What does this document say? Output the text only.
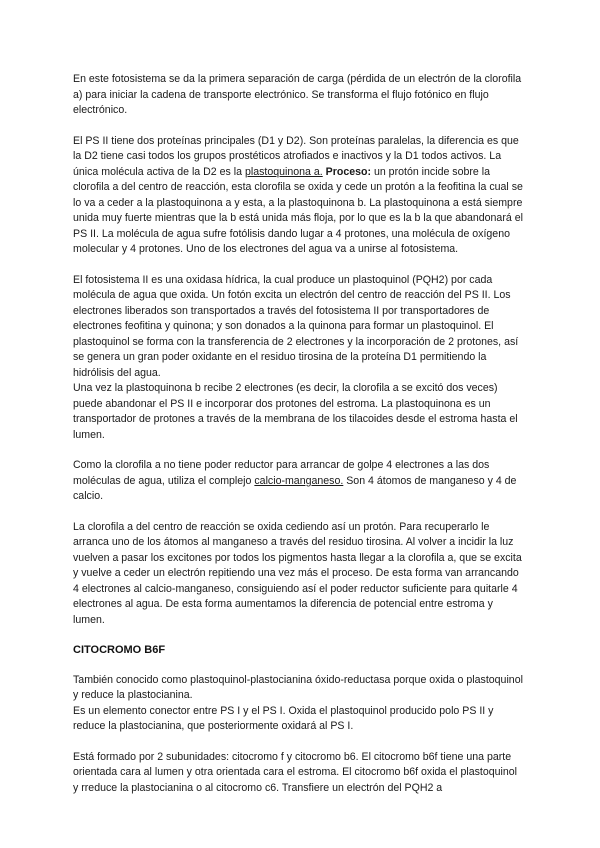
En este fotosistema se da la primera separación de carga (pérdida de un electrón de la clorofila a) para iniciar la cadena de transporte electrónico. Se transforma el flujo fotónico en flujo electrónico.

El PS II tiene dos proteínas principales (D1 y D2). Son proteínas paralelas, la diferencia es que la D2 tiene casi todos los grupos prostéticos atrofiados e inactivos y la D1 todos activos. La única molécula activa de la D2 es la plastoquinona a. Proceso: un protón incide sobre la clorofila a del centro de reacción, esta clorofila se oxida y cede un protón a la feofitina la cual se lo va a ceder a la plastoquinona a y esta, a la plastoquinona b. La plastoquinona a está siempre unida muy fuerte mientras que la b está unida más floja, por lo que es la b la que abandonará el PS II. La molécula de agua sufre fotólisis dando lugar a 4 protones, una molécula de oxígeno molecular y 4 protones. Uno de los electrones del agua va a unirse al fotosistema.

El fotosistema II es una oxidasa hídrica, la cual produce un plastoquinol (PQH2) por cada molécula de agua que oxida. Un fotón excita un electrón del centro de reacción del PS II. Los electrones liberados son transportados a través del fotosistema II por transportadores de electrones feofitina y quinona; y son donados a la quinona para formar un plastoquinol. El plastoquinol se forma con la transferencia de 2 electrones y la incorporación de 2 protones, así se genera un gran poder oxidante en el residuo tirosina de la proteína D1 permitiendo la hidrólisis del agua.
Una vez la plastoquinona b recibe 2 electrones (es decir, la clorofila a se excitó dos veces) puede abandonar el PS II e incorporar dos protones del estroma. La plastoquinona es un transportador de protones a través de la membrana de los tilacoides desde el estroma hasta el lumen.

Como la clorofila a no tiene poder reductor para arrancar de golpe 4 electrones a las dos moléculas de agua, utiliza el complejo calcio-manganeso. Son 4 átomos de manganeso y 4 de calcio.

La clorofila a del centro de reacción se oxida cediendo así un protón. Para recuperarlo le arranca uno de los átomos al manganeso a través del residuo tirosina. Al volver a incidir la luz vuelven a pasar los excitones por todos los pigmentos hasta llegar a la clorofila a, que se excita y vuelve a ceder un electrón repitiendo una vez más el proceso. De esta forma van arrancando 4 electrones al calcio-manganeso, consiguiendo así el poder reductor suficiente para quitarle 4 electrones al agua. De esta forma aumentamos la diferencia de potencial entre estroma y lumen.

CITOCROMO B6F

También conocido como plastoquinol-plastocianina óxido-reductasa porque oxida o plastoquinol y reduce la plastocianina.
Es un elemento conector entre PS I y el PS I. Oxida el plastoquinol producido polo PS II y reduce la plastocianina, que posteriormente oxidará al PS I.

Está formado por 2 subunidades: citocromo f y citocromo b6. El citocromo b6f tiene una parte orientada cara al lumen y otra orientada cara el estroma. El citocromo b6f oxida el plastoquinol y rreduce la plastocianina o al citocromo c6. Transfiere un electrón del PQH2 a
